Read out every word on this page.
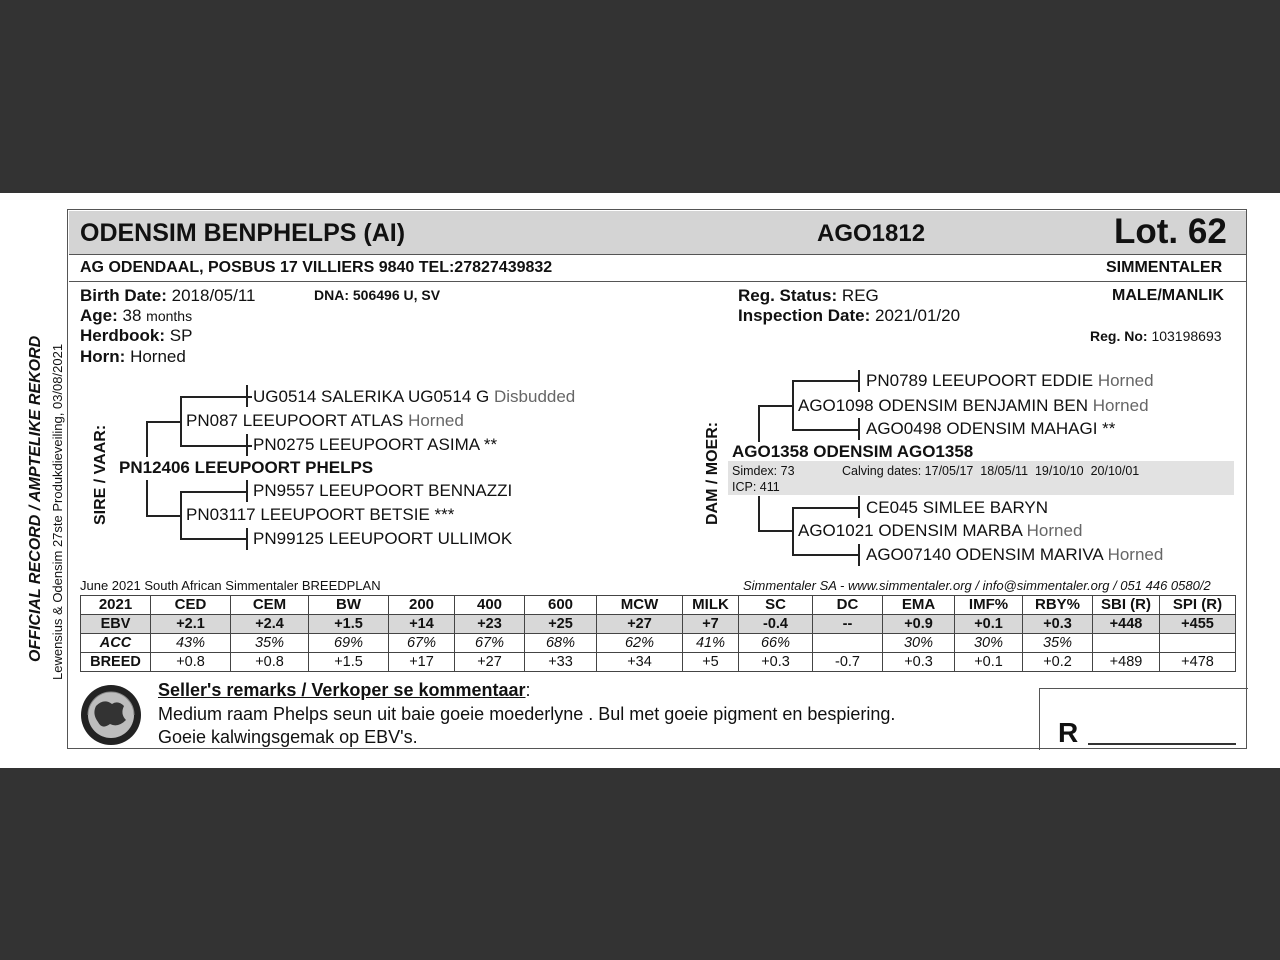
ODENSIM BENPHELPS (AI)	AGO1812	Lot. 62
AG ODENDAAL, POSBUS 17 VILLIERS 9840 TEL:27827439832	SIMMENTALER
OFFICIAL RECORD / AMPTELIKE REKORD Lewensius & Odensim 27ste Produkdieveiling, 03/08/2021
Birth Date: 2018/05/11	DNA: 506496 U, SV
Age: 38 months
Herdbook: SP
Horn: Horned
Reg. Status: REG
Inspection Date: 2021/01/20
MALE/MANLIK
Reg. No: 103198693
SIRE / VAAR:
UG0514 SALERIKA UG0514 G Disbudded
PN087 LEEUPOORT ATLAS Horned
PN0275 LEEUPOORT ASIMA **
PN12406 LEEUPOORT PHELPS
PN9557 LEEUPOORT BENNAZZI
PN03117 LEEUPOORT BETSIE ***
PN99125 LEEUPOORT ULLIMOK
DAM / MOER:
PN0789 LEEUPOORT EDDIE Horned
AGO1098 ODENSIM BENJAMIN BEN Horned
AGO0498 ODENSIM MAHAGI **
AGO1358 ODENSIM AGO1358
Simdex: 73	Calving dates: 17/05/17  18/05/11  19/10/10  20/10/01
ICP: 411
CE045 SIMLEE BARYN
AGO1021 ODENSIM MARBA Horned
AGO07140 ODENSIM MARIVA Horned
June 2021 South African Simmentaler BREEDPLAN	Simmentaler SA - www.simmentaler.org / info@simmentaler.org / 051 446 0580/2
2021	CED	CEM	BW	200	400	600	MCW	MILK	SC	DC	EMA	IMF%	RBY%	SBI (R)	SPI (R)
EBV	+2.1	+2.4	+1.5	+14	+23	+25	+27	+7	-0.4	--	+0.9	+0.1	+0.3	+448	+455
ACC	43%	35%	69%	67%	67%	68%	62%	41%	66%		30%	30%	35%		
BREED	+0.8	+0.8	+1.5	+17	+27	+33	+34	+5	+0.3	-0.7	+0.3	+0.1	+0.2	+489	+478
Seller's remarks / Verkoper se kommentaar:
Medium raam Phelps seun uit baie goeie moederlyne . Bul met goeie pigment en bespiering.
Goeie kalwingsgemak op EBV's.	R
